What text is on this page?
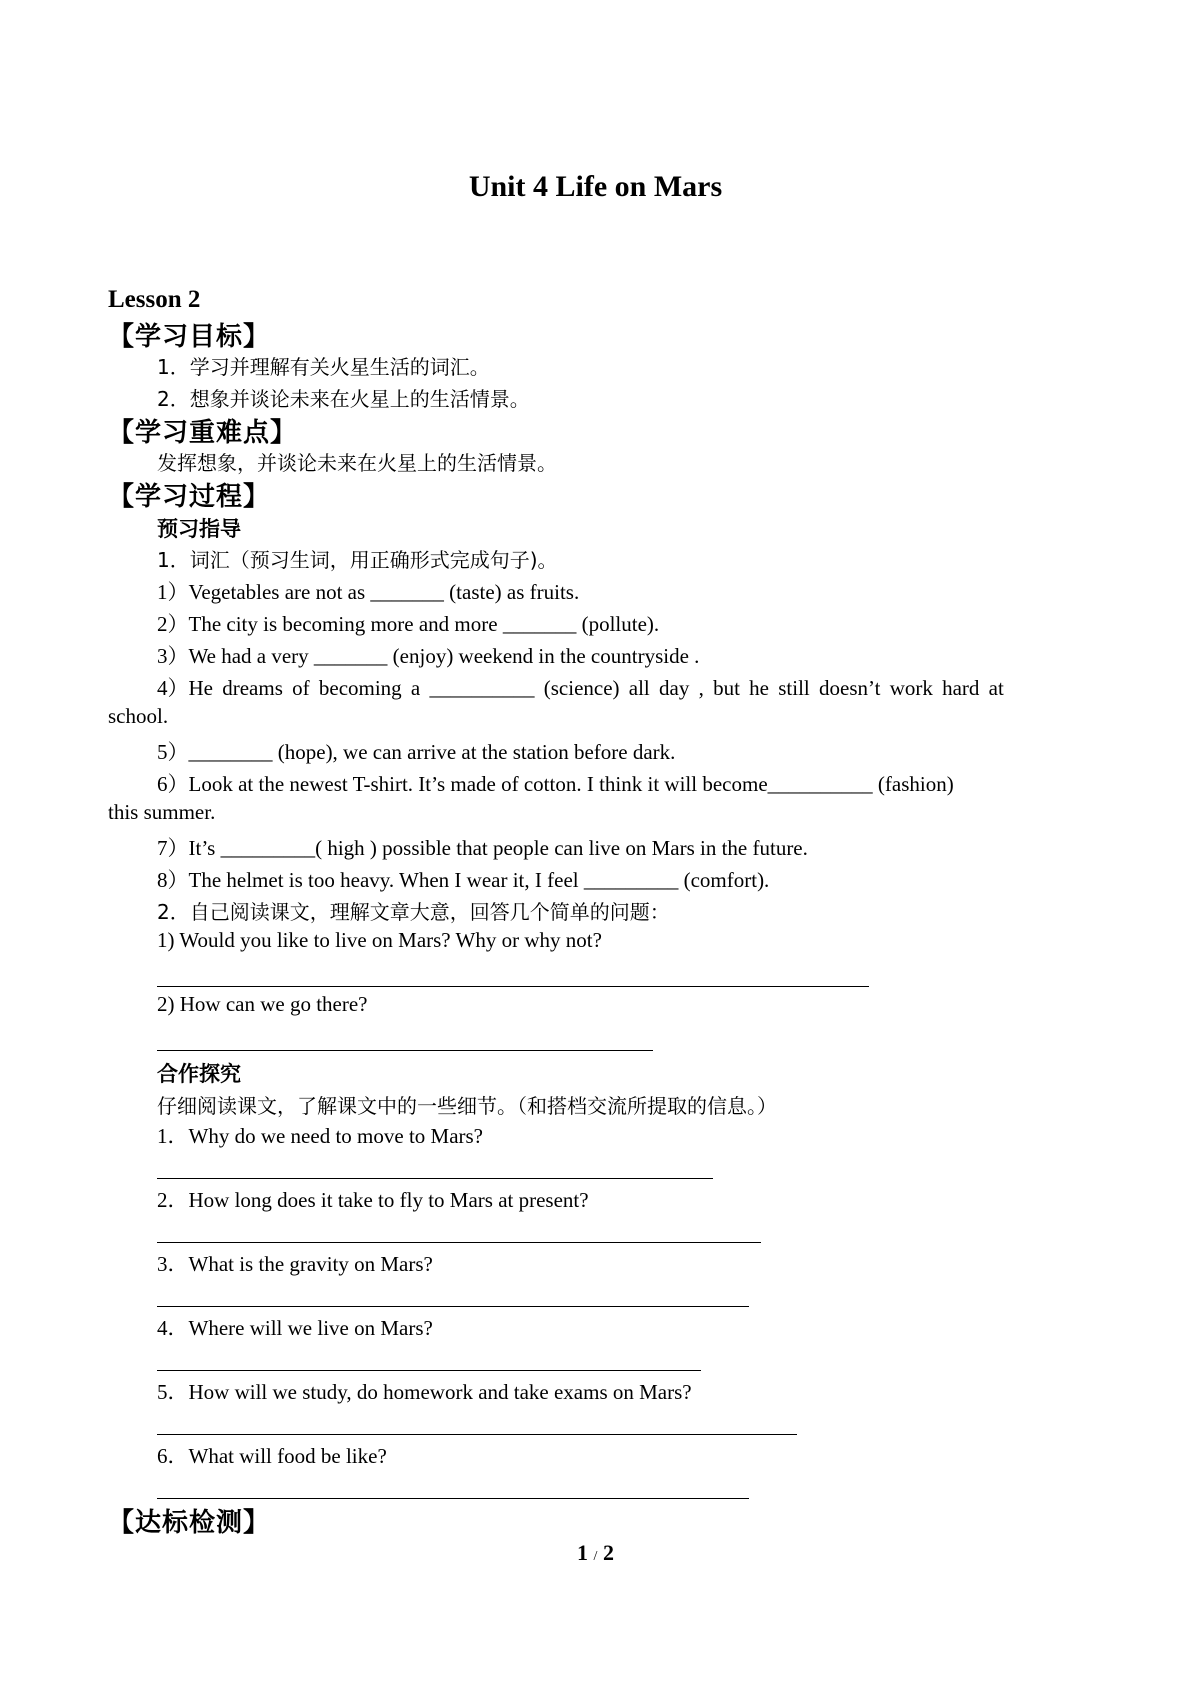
Unit 4 Life on Mars
Lesson 2
【学习目标】
1．学习并理解有关火星生活的词汇。
2．想象并谈论未来在火星上的生活情景。
【学习重难点】
发挥想象，并谈论未来在火星上的生活情景。
【学习过程】
预习指导
1．词汇（预习生词，用正确形式完成句子)。
1）Vegetables are not as _______ (taste) as fruits.
2）The city is becoming more and more _______ (pollute).
3）We had a very _______ (enjoy) weekend in the countryside .
4）He dreams of becoming a __________ (science) all day , but he still doesn’t work hard at
school.
5）________ (hope), we can arrive at the station before dark.
6）Look at the newest T-shirt. It’s made of cotton. I think it will become__________ (fashion)
this summer.
7）It’s _________( high ) possible that people can live on Mars in the future.
8）The helmet is too heavy. When I wear it, I feel _________ (comfort).
2．自己阅读课文，理解文章大意，回答几个简单的问题：
1) Would you like to live on Mars? Why or why not?
2) How can we go there?
合作探究
仔细阅读课文，了解课文中的一些细节。（和搭档交流所提取的信息。）
1．Why do we need to move to Mars?
2．How long does it take to fly to Mars at present?
3．What is the gravity on Mars?
4．Where will we live on Mars?
5．How will we study, do homework and take exams on Mars?
6．What will food be like?
【达标检测】
1 / 2
